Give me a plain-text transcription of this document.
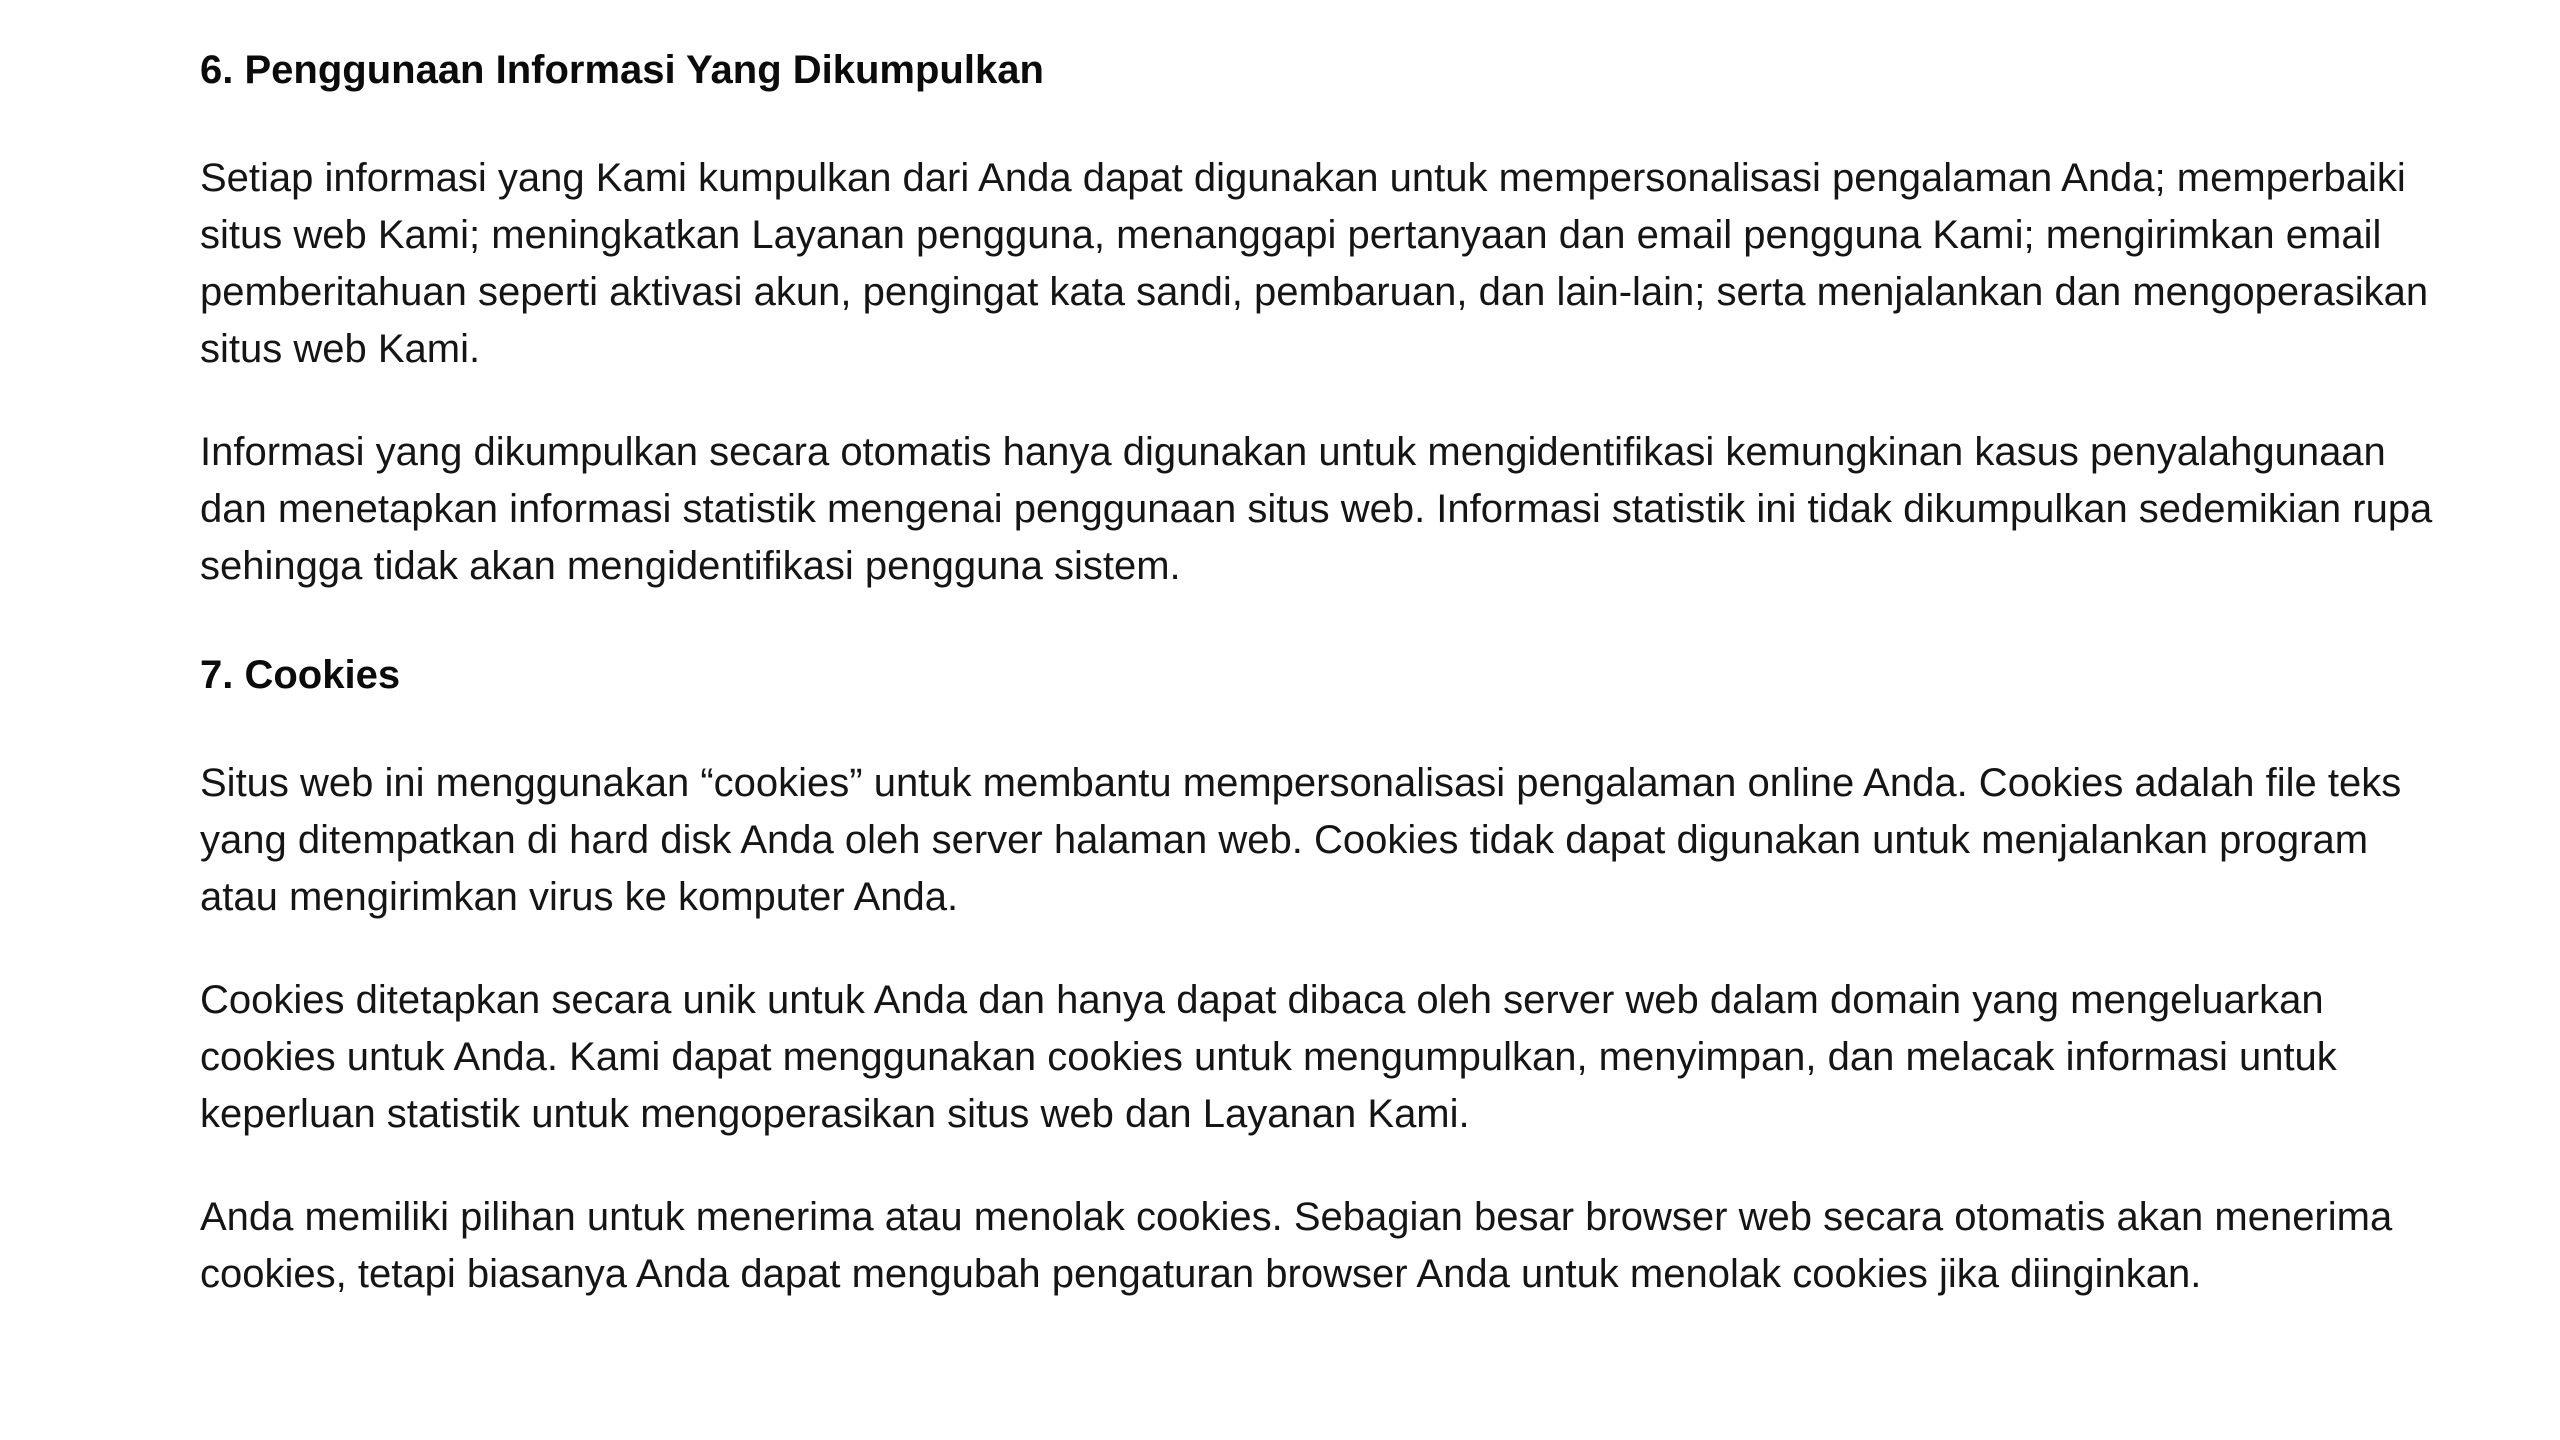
6. Penggunaan Informasi Yang Dikumpulkan

Setiap informasi yang Kami kumpulkan dari Anda dapat digunakan untuk mempersonalisasi pengalaman Anda; memperbaiki situs web Kami; meningkatkan Layanan pengguna, menanggapi pertanyaan dan email pengguna Kami; mengirimkan email pemberitahuan seperti aktivasi akun, pengingat kata sandi, pembaruan, dan lain-lain; serta menjalankan dan mengoperasikan situs web Kami.

Informasi yang dikumpulkan secara otomatis hanya digunakan untuk mengidentifikasi kemungkinan kasus penyalahgunaan dan menetapkan informasi statistik mengenai penggunaan situs web. Informasi statistik ini tidak dikumpulkan sedemikian rupa sehingga tidak akan mengidentifikasi pengguna sistem.

7. Cookies

Situs web ini menggunakan “cookies” untuk membantu mempersonalisasi pengalaman online Anda. Cookies adalah file teks yang ditempatkan di hard disk Anda oleh server halaman web. Cookies tidak dapat digunakan untuk menjalankan program atau mengirimkan virus ke komputer Anda.

Cookies ditetapkan secara unik untuk Anda dan hanya dapat dibaca oleh server web dalam domain yang mengeluarkan cookies untuk Anda. Kami dapat menggunakan cookies untuk mengumpulkan, menyimpan, dan melacak informasi untuk keperluan statistik untuk mengoperasikan situs web dan Layanan Kami.

Anda memiliki pilihan untuk menerima atau menolak cookies. Sebagian besar browser web secara otomatis akan menerima cookies, tetapi biasanya Anda dapat mengubah pengaturan browser Anda untuk menolak cookies jika diinginkan.
